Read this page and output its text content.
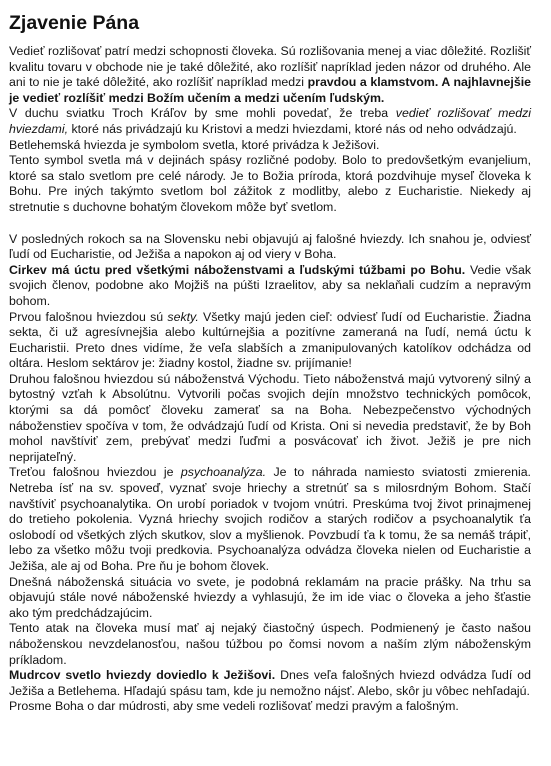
Zjavenie Pána

Vedieť rozlišovať patrí medzi schopnosti človeka. Sú rozlišovania menej a viac dôležité. Rozlišiť kvalitu tovaru v obchode nie je také dôležité, ako rozlíšiť napríklad jeden názor od druhého. Ale ani to nie je také dôležité, ako rozlíšiť napríklad medzi pravdou a klamstvom. A najhlavnejšie je vedieť rozlíšiť medzi Božím učením a medzi učením ľudským.

V duchu sviatku Troch Kráľov by sme mohli povedať, že treba vedieť rozlišovať medzi hviezdami, ktoré nás privádzajú ku Kristovi a medzi hviezdami, ktoré nás od neho odvádzajú.

Betlehemská hviezda je symbolom svetla, ktoré privádza k Ježišovi.

Tento symbol svetla má v dejinách spásy rozličné podoby. Bolo to predovšetkým evanjelium, ktoré sa stalo svetlom pre celé národy. Je to Božia príroda, ktorá pozdvihuje myseľ človeka k Bohu. Pre iných takýmto svetlom bol zážitok z modlitby, alebo z Eucharistie. Niekedy aj stretnutie s duchovne bohatým človekom môže byť svetlom.

V posledných rokoch sa na Slovensku nebi objavujú aj falošné hviezdy. Ich snahou je, odviesť ľudí od Eucharistie, od Ježiša a napokon aj od viery v Boha.

Cirkev má úctu pred všetkými náboženstvami a ľudskými túžbami po Bohu. Vedie však svojich členov, podobne ako Mojžiš na púšti Izraelitov, aby sa neklaňali cudzím a nepravým bohom.

Prvou falošnou hviezdou sú sekty. Všetky majú jeden cieľ: odviesť ľudí od Eucharistie. Žiadna sekta, či už agresívnejšia alebo kultúrnejšia a pozitívne zameraná na ľudí, nemá úctu k Eucharistii. Preto dnes vidíme, že veľa slabších a zmanipulovaných katolíkov odchádza od oltára. Heslom sektárov je: žiadny kostol, žiadne sv. prijímanie!

Druhou falošnou hviezdou sú náboženstvá Východu. Tieto náboženstvá majú vytvorený silný a bytostný vzťah k Absolútnu. Vytvorili počas svojich dejín množstvo technických pomôcok, ktorými sa dá pomôcť človeku zamerať sa na Boha. Nebezpečenstvo východných náboženstiev spočíva v tom, že odvádzajú ľudí od Krista. Oni si nevedia predstaviť, že by Boh mohol navštíviť zem, prebývať medzi ľuďmi a posvácovať ich život. Ježiš je pre nich neprijateľný.

Treťou falošnou hviezdou je psychoanalýza. Je to náhrada namiesto sviatosti zmierenia. Netreba ísť na sv. spoveď, vyznať svoje hriechy a stretnúť sa s milosrdným Bohom. Stačí navštíviť psychoanalytika. On urobí poriadok v tvojom vnútri. Preskúma tvoj život prinajmenej do tretieho pokolenia. Vyzná hriechy svojich rodičov a starých rodičov a psychoanalytik ťa oslobodí od všetkých zlých skutkov, slov a myšlienok. Povzbudí ťa k tomu, že sa nemáš trápiť, lebo za všetko môžu tvoji predkovia. Psychoanalýza odvádza človeka nielen od Eucharistie a Ježiša, ale aj od Boha. Pre ňu je bohom človek.

Dnešná náboženská situácia vo svete, je podobná reklamám na pracie prášky. Na trhu sa objavujú stále nové náboženské hviezdy a vyhlasujú, že im ide viac o človeka a jeho šťastie ako tým predchádzajúcim.

Tento atak na človeka musí mať aj nejaký čiastočný úspech. Podmienený je často našou náboženskou nevzdelanosťou, našou túžbou po čomsi novom a naším zlým náboženským príkladom.

Mudrcov svetlo hviezdy doviedlo k Ježišovi. Dnes veľa falošných hviezd odvádza ľudí od Ježiša a Betlehema. Hľadajú spásu tam, kde ju nemožno nájsť. Alebo, skôr ju vôbec nehľadajú.

Prosme Boha o dar múdrosti, aby sme vedeli rozlišovať medzi pravým a falošným.
